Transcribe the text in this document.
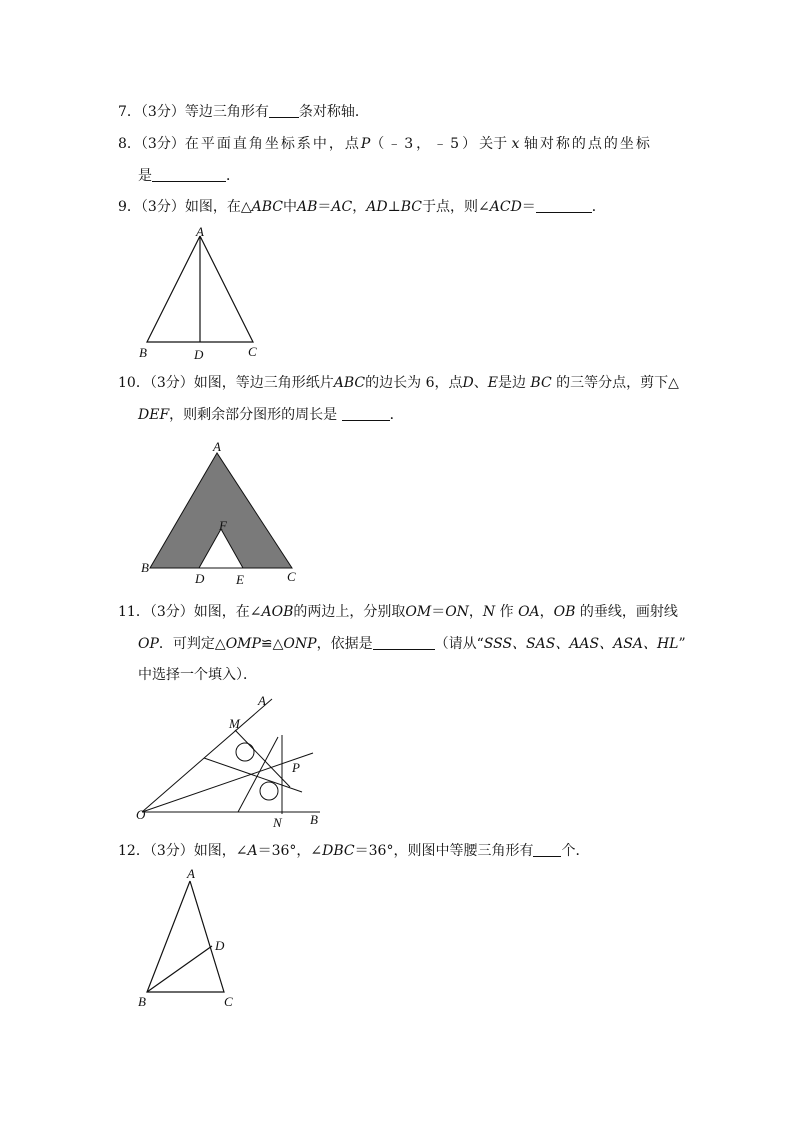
7．（3分）等边三角形有 条对称轴．
8．（3分）在平面直角坐标系中，点P（﹣3，﹣5）关于 x 轴对称的点的坐标
是	．
9．（3分）如图，在△ABC中AB＝AC，AD⊥BC于点，则∠ACD＝	．
A
B	D	C
10．（3分）如图，等边三角形纸片ABC的边长为 6，点D、E是边 BC 的三等分点，剪下△
DEF，则剩余部分图形的周长是	．
A
B
F
D E	C
11．（3分）如图，在∠AOB的两边上，分别取OM＝ON，N 作 OA，OB 的垂线，画射线
OP．可判定△OMP≌△ONP，依据是	（请从“SSS、SAS、AAS、ASA、HL”
中选择一个填入）．
A
M
P
O
N B
12．（3分）如图，∠A＝36°，∠DBC＝36°，则图中等腰三角形有 个．
A
D
B	C
